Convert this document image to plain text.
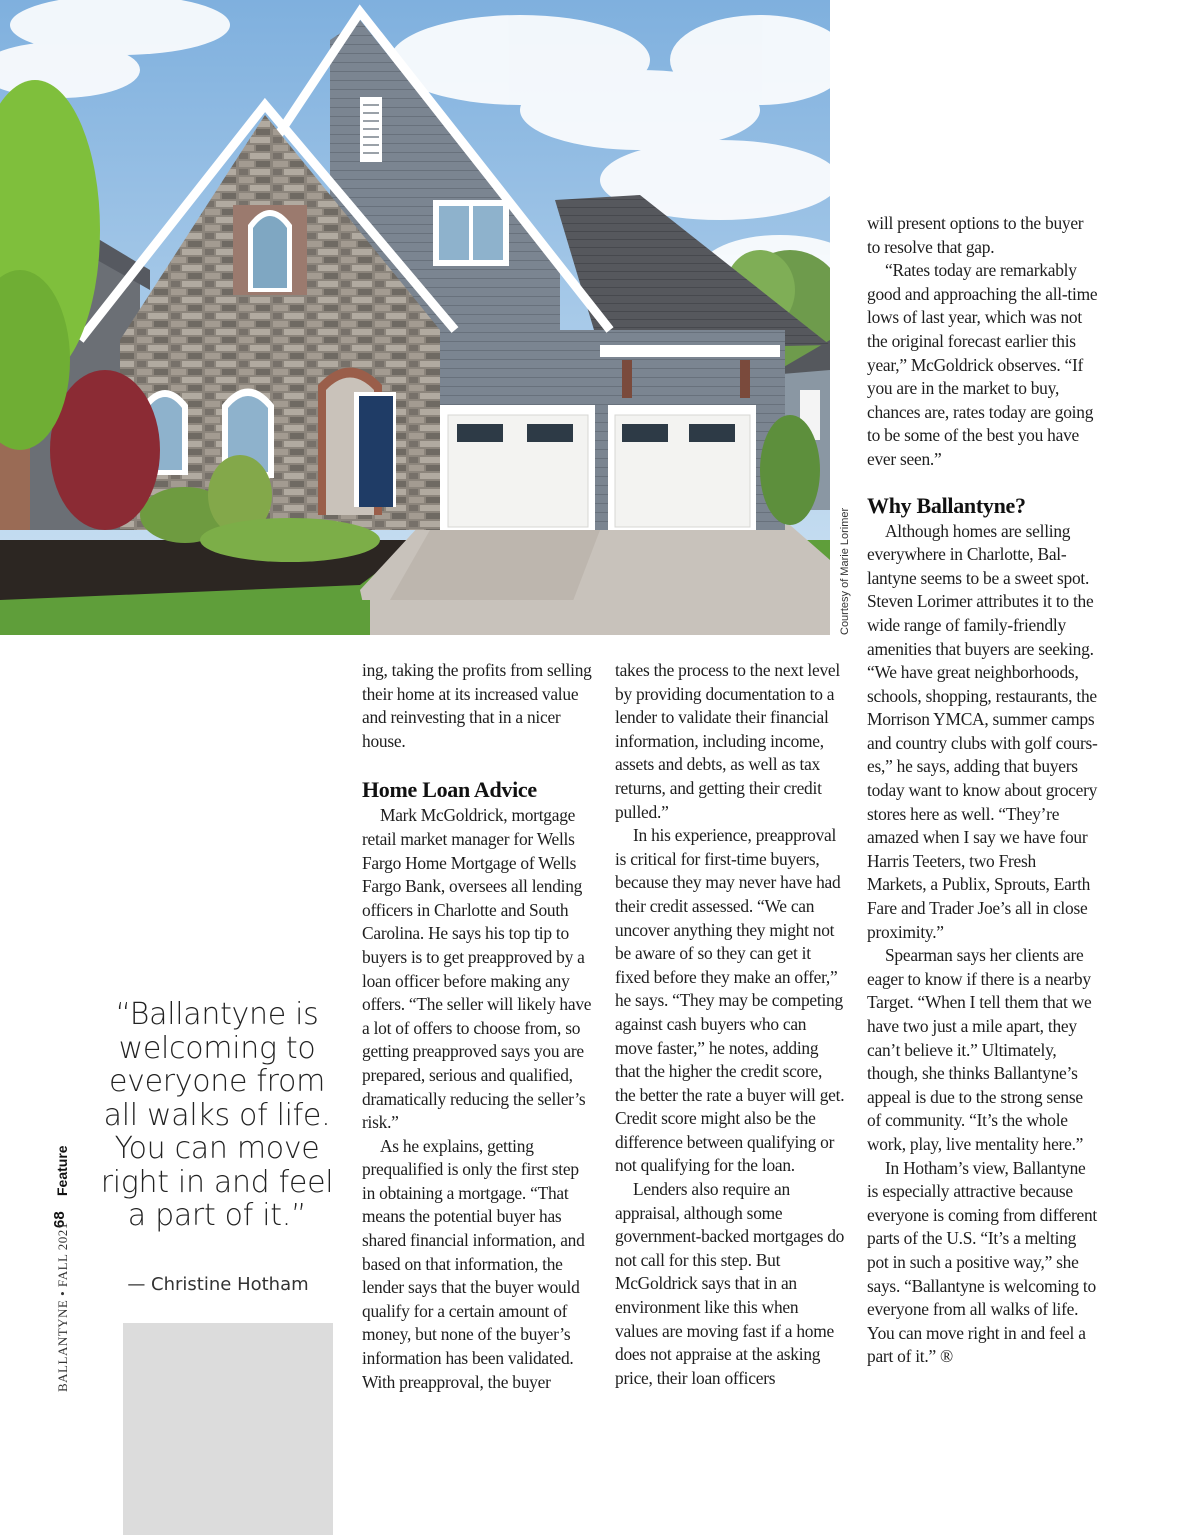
Courtesy of Marie Lorimer
Feature
68
BALLANTYNE • FALL 2021
“Ballantyne is welcoming to everyone from all walks of life. You can move right in and feel a part of it.”
— Christine Hotham

ing, taking the profits from selling their home at its increased value and reinvesting that in a nicer house.

Home Loan Advice

Mark McGoldrick, mortgage retail market manager for Wells Fargo Home Mortgage of Wells Fargo Bank, oversees all lending officers in Charlotte and South Carolina. He says his top tip to buyers is to get preapproved by a loan officer before making any offers. “The seller will likely have a lot of offers to choose from, so getting preapproved says you are prepared, serious and qualified, dramatically reducing the seller’s risk.”

As he explains, getting prequalified is only the first step in obtaining a mortgage. “That means the potential buyer has shared financial information, and based on that information, the lender says that the buyer would qualify for a certain amount of money, but none of the buyer’s information has been validated. With preapproval, the buyer

takes the process to the next level by providing documentation to a lender to validate their financial information, including income, assets and debts, as well as tax returns, and getting their credit pulled.”

In his experience, preapproval is critical for first-time buyers, because they may never have had their credit assessed. “We can uncover anything they might not be aware of so they can get it fixed before they make an offer,” he says. “They may be competing against cash buyers who can move faster,” he notes, adding that the higher the credit score, the better the rate a buyer will get. Credit score might also be the difference between qualifying or not qualifying for the loan.

Lenders also require an appraisal, although some government-backed mortgages do not call for this step. But McGoldrick says that in an environment like this when values are moving fast if a home does not appraise at the asking price, their loan officers

will present options to the buyer to resolve that gap.

“Rates today are remarkably good and approaching the all-time lows of last year, which was not the original forecast earlier this year,” McGoldrick observes. “If you are in the market to buy, chances are, rates today are going to be some of the best you have ever seen.”

Why Ballantyne?

Although homes are selling everywhere in Charlotte, Ballantyne seems to be a sweet spot. Steven Lorimer attributes it to the wide range of family-friendly amenities that buyers are seeking. “We have great neighborhoods, schools, shopping, restaurants, the Morrison YMCA, summer camps and country clubs with golf courses,” he says, adding that buyers today want to know about grocery stores here as well. “They’re amazed when I say we have four Harris Teeters, two Fresh Markets, a Publix, Sprouts, Earth Fare and Trader Joe’s all in close proximity.”

Spearman says her clients are eager to know if there is a nearby Target. “When I tell them that we have two just a mile apart, they can’t believe it.” Ultimately, though, she thinks Ballantyne’s appeal is due to the strong sense of community. “It’s the whole work, play, live mentality here.”

In Hotham’s view, Ballantyne is especially attractive because everyone is coming from different parts of the U.S. “It’s a melting pot in such a positive way,” she says. “Ballantyne is welcoming to everyone from all walks of life. You can move right in and feel a part of it.” ®
